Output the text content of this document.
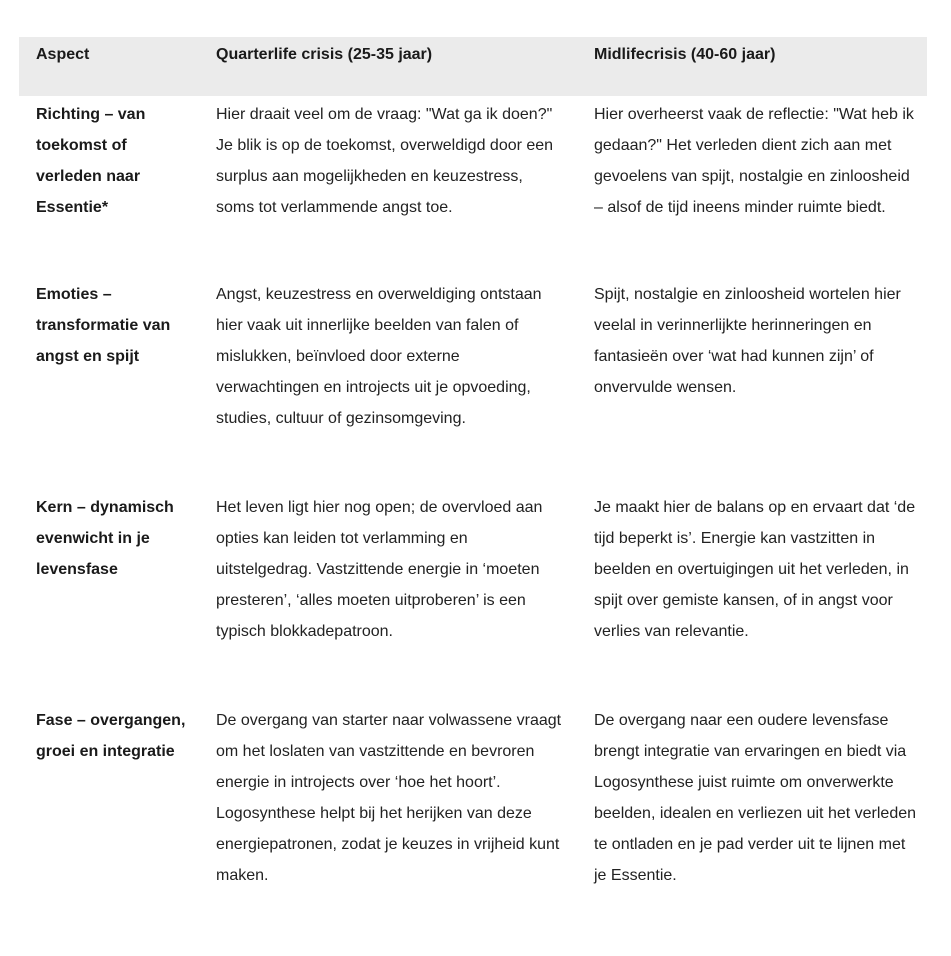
Aspect	Quarterlife crisis (25-35 jaar)	Midlifecrisis (40-60 jaar)
Richting – van toekomst of verleden naar Essentie*
Hier draait veel om de vraag: "Wat ga ik doen?" Je blik is op de toekomst, overweldigd door een surplus aan mogelijkheden en keuzestress, soms tot verlammende angst toe.
Hier overheerst vaak de reflectie: "Wat heb ik gedaan?" Het verleden dient zich aan met gevoelens van spijt, nostalgie en zinloosheid – alsof de tijd ineens minder ruimte biedt.
Emoties – transformatie van angst en spijt
Angst, keuzestress en overweldiging ontstaan hier vaak uit innerlijke beelden van falen of mislukken, beïnvloed door externe verwachtingen en introjects uit je opvoeding, studies, cultuur of gezinsomgeving.
Spijt, nostalgie en zinloosheid wortelen hier veelal in verinnerlijkte herinneringen en fantasieën over ‘wat had kunnen zijn’ of onvervulde wensen.
Kern – dynamisch evenwicht in je levensfase
Het leven ligt hier nog open; de overvloed aan opties kan leiden tot verlamming en uitstelgedrag. Vastzittende energie in ‘moeten presteren’, ‘alles moeten uitproberen’ is een typisch blokkadepatroon.
Je maakt hier de balans op en ervaart dat ‘de tijd beperkt is’. Energie kan vastzitten in beelden en overtuigingen uit het verleden, in spijt over gemiste kansen, of in angst voor verlies van relevantie.
Fase – overgangen, groei en integratie
De overgang van starter naar volwassene vraagt om het loslaten van vastzittende en bevroren energie in introjects over ‘hoe het hoort’. Logosynthese helpt bij het herijken van deze energiepatronen, zodat je keuzes in vrijheid kunt maken.
De overgang naar een oudere levensfase brengt integratie van ervaringen en biedt via Logosynthese juist ruimte om onverwerkte beelden, idealen en verliezen uit het verleden te ontladen en je pad verder uit te lijnen met je Essentie.
